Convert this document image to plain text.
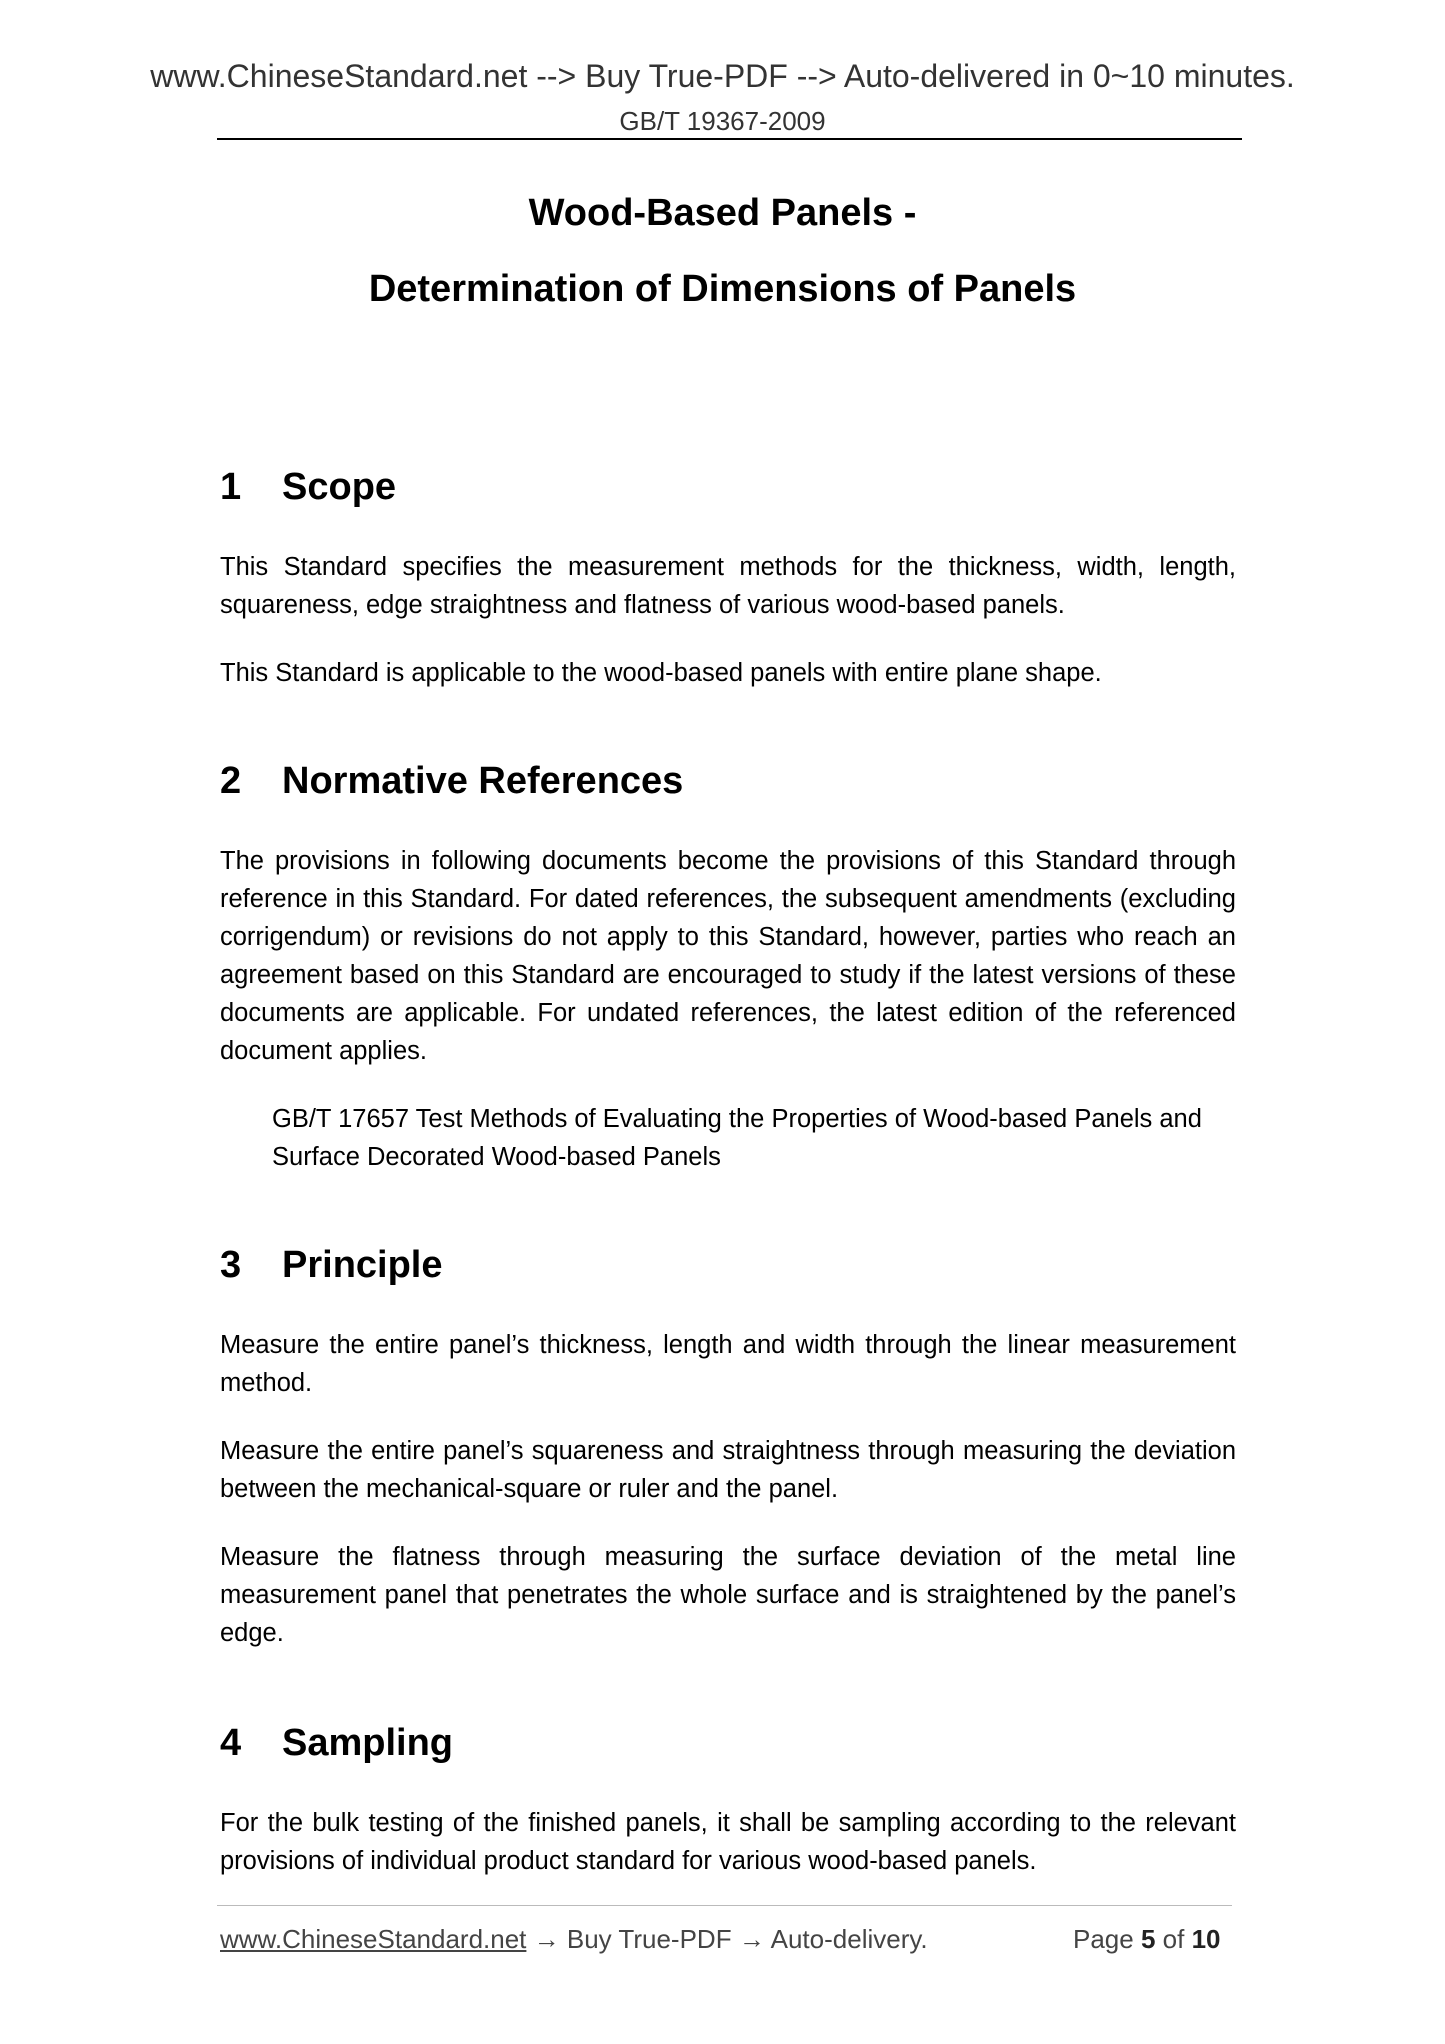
www.ChineseStandard.net --> Buy True-PDF --> Auto-delivered in 0~10 minutes.
GB/T 19367-2009
Wood-Based Panels -
Determination of Dimensions of Panels
1 Scope

This Standard specifies the measurement methods for the thickness, width, length, squareness, edge straightness and flatness of various wood-based panels.

This Standard is applicable to the wood-based panels with entire plane shape.

2 Normative References

The provisions in following documents become the provisions of this Standard through reference in this Standard. For dated references, the subsequent amendments (excluding corrigendum) or revisions do not apply to this Standard, however, parties who reach an agreement based on this Standard are encouraged to study if the latest versions of these documents are applicable. For undated references, the latest edition of the referenced document applies.

GB/T 17657 Test Methods of Evaluating the Properties of Wood-based Panels and Surface Decorated Wood-based Panels

3 Principle

Measure the entire panel’s thickness, length and width through the linear measurement method.

Measure the entire panel’s squareness and straightness through measuring the deviation between the mechanical-square or ruler and the panel.

Measure the flatness through measuring the surface deviation of the metal line measurement panel that penetrates the whole surface and is straightened by the panel’s edge.

4 Sampling

For the bulk testing of the finished panels, it shall be sampling according to the relevant provisions of individual product standard for various wood-based panels.

www.ChineseStandard.net → Buy True-PDF → Auto-delivery.	Page 5 of 10
